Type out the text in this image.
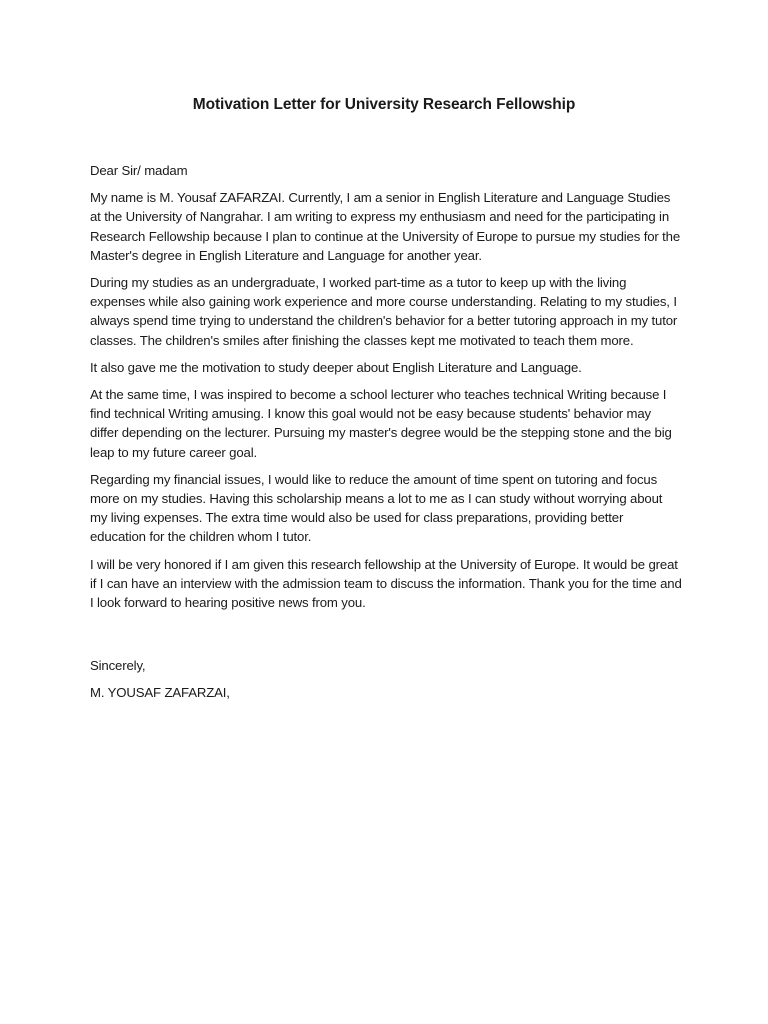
Motivation Letter for University Research Fellowship

Dear Sir/ madam

My name is M. Yousaf ZAFARZAI. Currently, I am a senior in English Literature and Language Studies at the University of Nangrahar. I am writing to express my enthusiasm and need for the participating in Research Fellowship because I plan to continue at the University of Europe to pursue my studies for the Master's degree in English Literature and Language for another year.

During my studies as an undergraduate, I worked part-time as a tutor to keep up with the living expenses while also gaining work experience and more course understanding. Relating to my studies, I always spend time trying to understand the children's behavior for a better tutoring approach in my tutor classes. The children's smiles after finishing the classes kept me motivated to teach them more.

It also gave me the motivation to study deeper about English Literature and Language.

At the same time, I was inspired to become a school lecturer who teaches technical Writing because I find technical Writing amusing. I know this goal would not be easy because students' behavior may differ depending on the lecturer. Pursuing my master's degree would be the stepping stone and the big leap to my future career goal.

Regarding my financial issues, I would like to reduce the amount of time spent on tutoring and focus more on my studies. Having this scholarship means a lot to me as I can study without worrying about my living expenses. The extra time would also be used for class preparations, providing better education for the children whom I tutor.

I will be very honored if I am given this research fellowship at the University of Europe. It would be great if I can have an interview with the admission team to discuss the information. Thank you for the time and I look forward to hearing positive news from you.

Sincerely,

M. YOUSAF ZAFARZAI,
